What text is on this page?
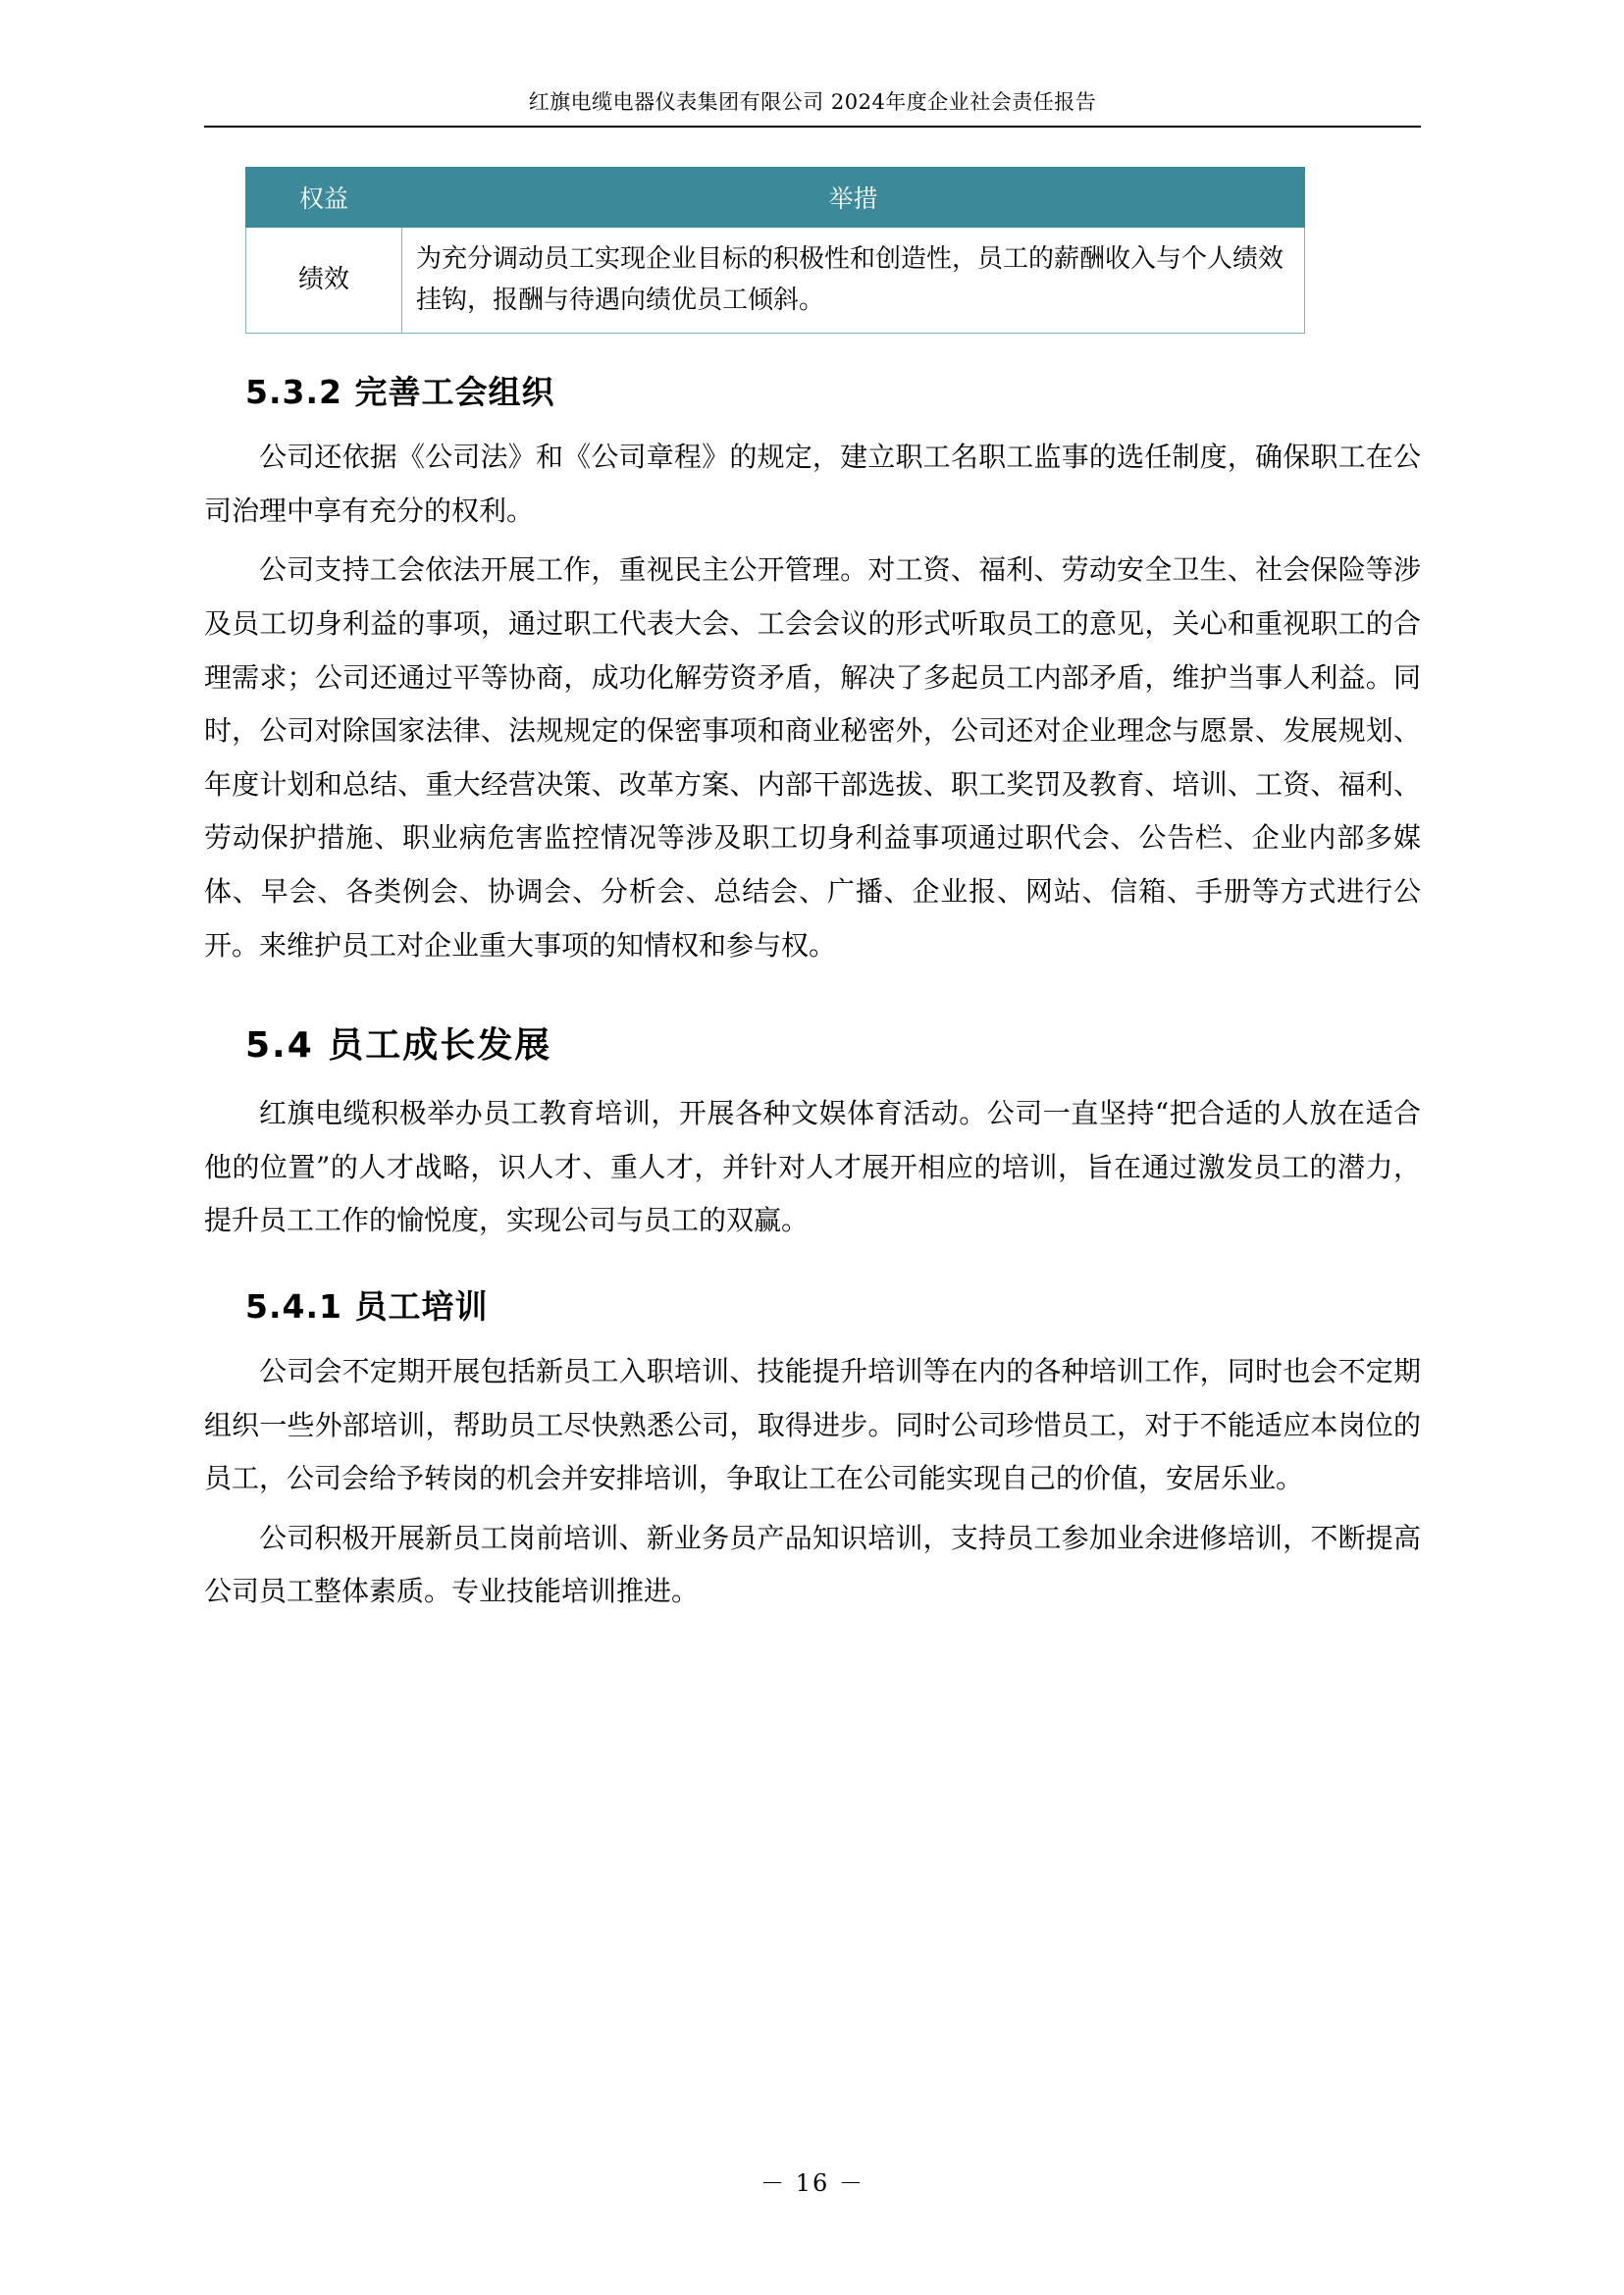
红旗电缆电器仪表集团有限公司 2024年度企业社会责任报告
权益	举措
绩效	为充分调动员工实现企业目标的积极性和创造性，员工的薪酬收入与个人绩效挂钩，报酬与待遇向绩优员工倾斜。
5.3.2 完善工会组织

公司还依据《公司法》和《公司章程》的规定，建立职工名职工监事的选任制度，确保职工在公司治理中享有充分的权利。

公司支持工会依法开展工作，重视民主公开管理。对工资、福利、劳动安全卫生、社会保险等涉及员工切身利益的事项，通过职工代表大会、工会会议的形式听取员工的意见，关心和重视职工的合理需求；公司还通过平等协商，成功化解劳资矛盾，解决了多起员工内部矛盾，维护当事人利益。同时，公司对除国家法律、法规规定的保密事项和商业秘密外，公司还对企业理念与愿景、发展规划、年度计划和总结、重大经营决策、改革方案、内部干部选拔、职工奖罚及教育、培训、工资、福利、劳动保护措施、职业病危害监控情况等涉及职工切身利益事项通过职代会、公告栏、企业内部多媒体、早会、各类例会、协调会、分析会、总结会、广播、企业报、网站、信箱、手册等方式进行公开。来维护员工对企业重大事项的知情权和参与权。

5.4 员工成长发展

红旗电缆积极举办员工教育培训，开展各种文娱体育活动。公司一直坚持“把合适的人放在适合他的位置”的人才战略，识人才、重人才，并针对人才展开相应的培训，旨在通过激发员工的潜力，提升员工工作的愉悦度，实现公司与员工的双赢。

5.4.1 员工培训

公司会不定期开展包括新员工入职培训、技能提升培训等在内的各种培训工作，同时也会不定期组织一些外部培训，帮助员工尽快熟悉公司，取得进步。同时公司珍惜员工，对于不能适应本岗位的员工，公司会给予转岗的机会并安排培训，争取让工在公司能实现自己的价值，安居乐业。

公司积极开展新员工岗前培训、新业务员产品知识培训，支持员工参加业余进修培训，不断提高公司员工整体素质。专业技能培训推进。

－ 16 －
